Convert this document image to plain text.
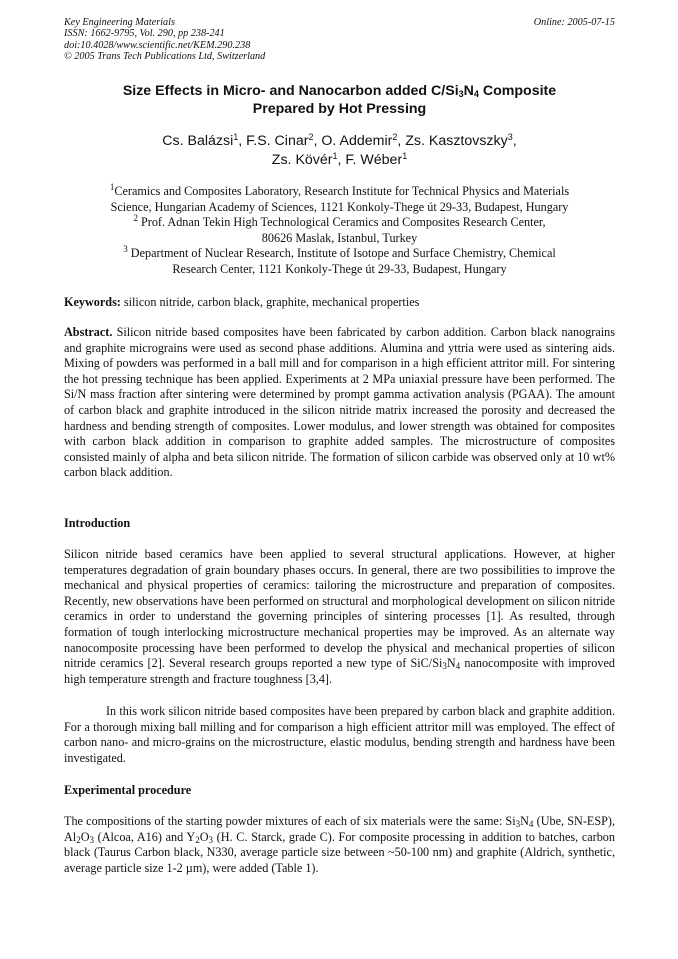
Key Engineering Materials
ISSN: 1662-9795, Vol. 290, pp 238-241
doi:10.4028/www.scientific.net/KEM.290.238
© 2005 Trans Tech Publications Ltd, Switzerland
Online: 2005-07-15
Size Effects in Micro- and Nanocarbon added $C/Si_3N_4$ Composite
Prepared by Hot Pressing
Cs. Balázsi$^1$, F.S. Cinar$^2$, O. Addemir$^2$, Zs. Kasztovszky$^3$,
Zs. Kövér$^1$, F. Wéber$^1$
$^1$Ceramics and Composites Laboratory, Research Institute for Technical Physics and Materials
Science, Hungarian Academy of Sciences, 1121 Konkoly-Thege út 29-33, Budapest, Hungary
$^2$ Prof. Adnan Tekin High Technological Ceramics and Composites Research Center,
80626 Maslak, Istanbul, Turkey
$^3$ Department of Nuclear Research, Institute of Isotope and Surface Chemistry, Chemical
Research Center, 1121 Konkoly-Thege út 29-33, Budapest, Hungary
Keywords: silicon nitride, carbon black, graphite, mechanical properties
Abstract. Silicon nitride based composites have been fabricated by carbon addition. Carbon black nanograins and graphite micrograins were used as second phase additions. Alumina and yttria were used as sintering aids. Mixing of powders was performed in a ball mill and for comparison in a high efficient attritor mill. For sintering the hot pressing technique has been applied. Experiments at 2 MPa uniaxial pressure have been performed. The Si/N mass fraction after sintering were determined by prompt gamma activation analysis (PGAA). The amount of carbon black and graphite introduced in the silicon nitride matrix increased the porosity and decreased the hardness and bending strength of composites. Lower modulus, and lower strength was obtained for composites with carbon black addition in comparison to graphite added samples. The microstructure of composites consisted mainly of alpha and beta silicon nitride. The formation of silicon carbide was observed only at 10 wt% carbon black addition.
Introduction
Silicon nitride based ceramics have been applied to several structural applications. However, at higher temperatures degradation of grain boundary phases occurs. In general, there are two possibilities to improve the mechanical and physical properties of ceramics: tailoring the microstructure and preparation of composites. Recently, new observations have been performed on structural and morphological development on silicon nitride ceramics in order to understand the governing principles of sintering processes [1]. As resulted, through formation of tough interlocking microstructure mechanical properties may be improved. As an alternate way nanocomposite processing have been performed to develop the physical and mechanical properties of silicon nitride ceramics [2]. Several research groups reported a new type of SiC/$Si_3N_4$ nanocomposite with improved high temperature strength and fracture toughness [3,4].
In this work silicon nitride based composites have been prepared by carbon black and graphite addition. For a thorough mixing ball milling and for comparison a high efficient attritor mill was employed. The effect of carbon nano- and micro-grains on the microstructure, elastic modulus, bending strength and hardness have been investigated.
Experimental procedure
The compositions of the starting powder mixtures of each of six materials were the same: $Si_3N_4$ (Ube, SN-ESP), $Al_2O_3$ (Alcoa, A16) and $Y_2O_3$ (H. C. Starck, grade C). For composite processing in addition to batches, carbon black (Taurus Carbon black, N330, average particle size between ~50-100 nm) and graphite (Aldrich, synthetic, average particle size 1-2 µm), were added (Table 1).
